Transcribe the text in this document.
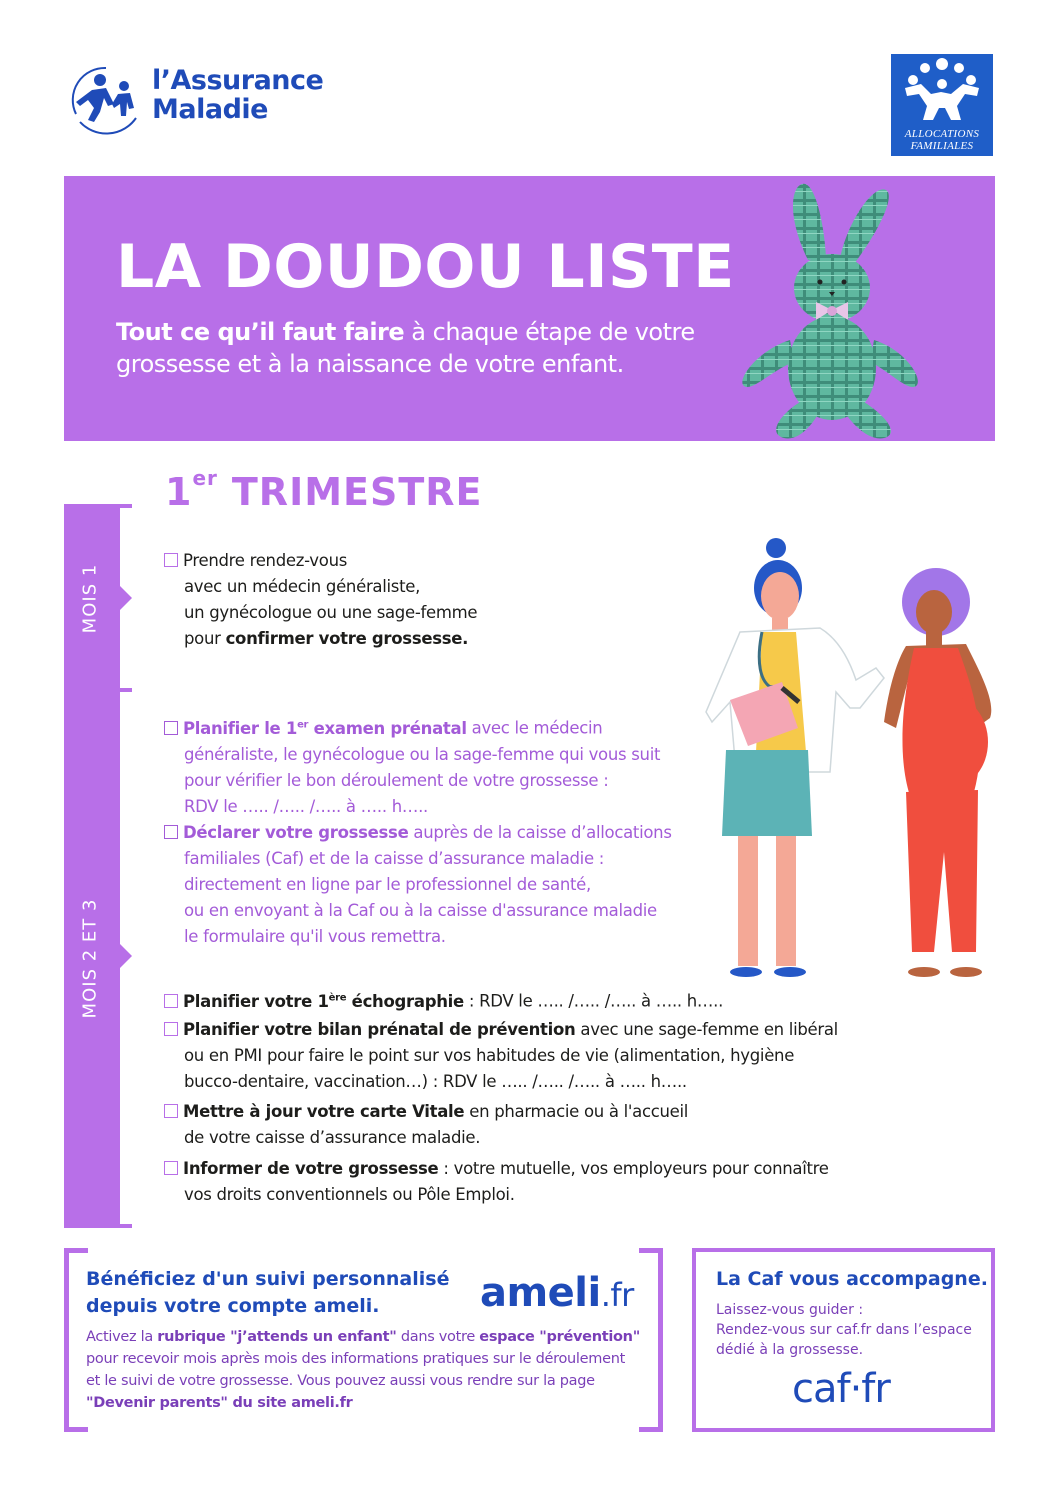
l’Assurance
Maladie
ALLOCATIONS
FAMILIALES
LA DOUDOU LISTE
Tout ce qu’il faut faire à chaque étape de votre
grossesse et à la naissance de votre enfant.
1er TRIMESTRE
MOIS 1
MOIS 2 ET 3
Prendre rendez-vous
avec un médecin généraliste,
un gynécologue ou une sage-femme
pour confirmer votre grossesse.
Planifier le 1er examen prénatal avec le médecin
généraliste, le gynécologue ou la sage-femme qui vous suit
pour vérifier le bon déroulement de votre grossesse :
RDV le ….. /….. /….. à ….. h…..
Déclarer votre grossesse auprès de la caisse d’allocations
familiales (Caf) et de la caisse d’assurance maladie :
directement en ligne par le professionnel de santé,
ou en envoyant à la Caf ou à la caisse d'assurance maladie
le formulaire qu'il vous remettra.
Planifier votre 1ère échographie : RDV le ….. /….. /….. à ….. h…..
Planifier votre bilan prénatal de prévention avec une sage-femme en libéral
ou en PMI pour faire le point sur vos habitudes de vie (alimentation, hygiène
bucco-dentaire, vaccination…) : RDV le ….. /….. /….. à ….. h…..
Mettre à jour votre carte Vitale en pharmacie ou à l'accueil
de votre caisse d’assurance maladie.
Informer de votre grossesse : votre mutuelle, vos employeurs pour connaître
vos droits conventionnels ou Pôle Emploi.
Bénéficiez d'un suivi personnalisé
depuis votre compte ameli.	ameli.fr
Activez la rubrique "j’attends un enfant" dans votre espace "prévention"
pour recevoir mois après mois des informations pratiques sur le déroulement
et le suivi de votre grossesse. Vous pouvez aussi vous rendre sur la page
"Devenir parents" du site ameli.fr
La Caf vous accompagne.
Laissez-vous guider :
Rendez-vous sur caf.fr dans l’espace
dédié à la grossesse.
caf·fr
